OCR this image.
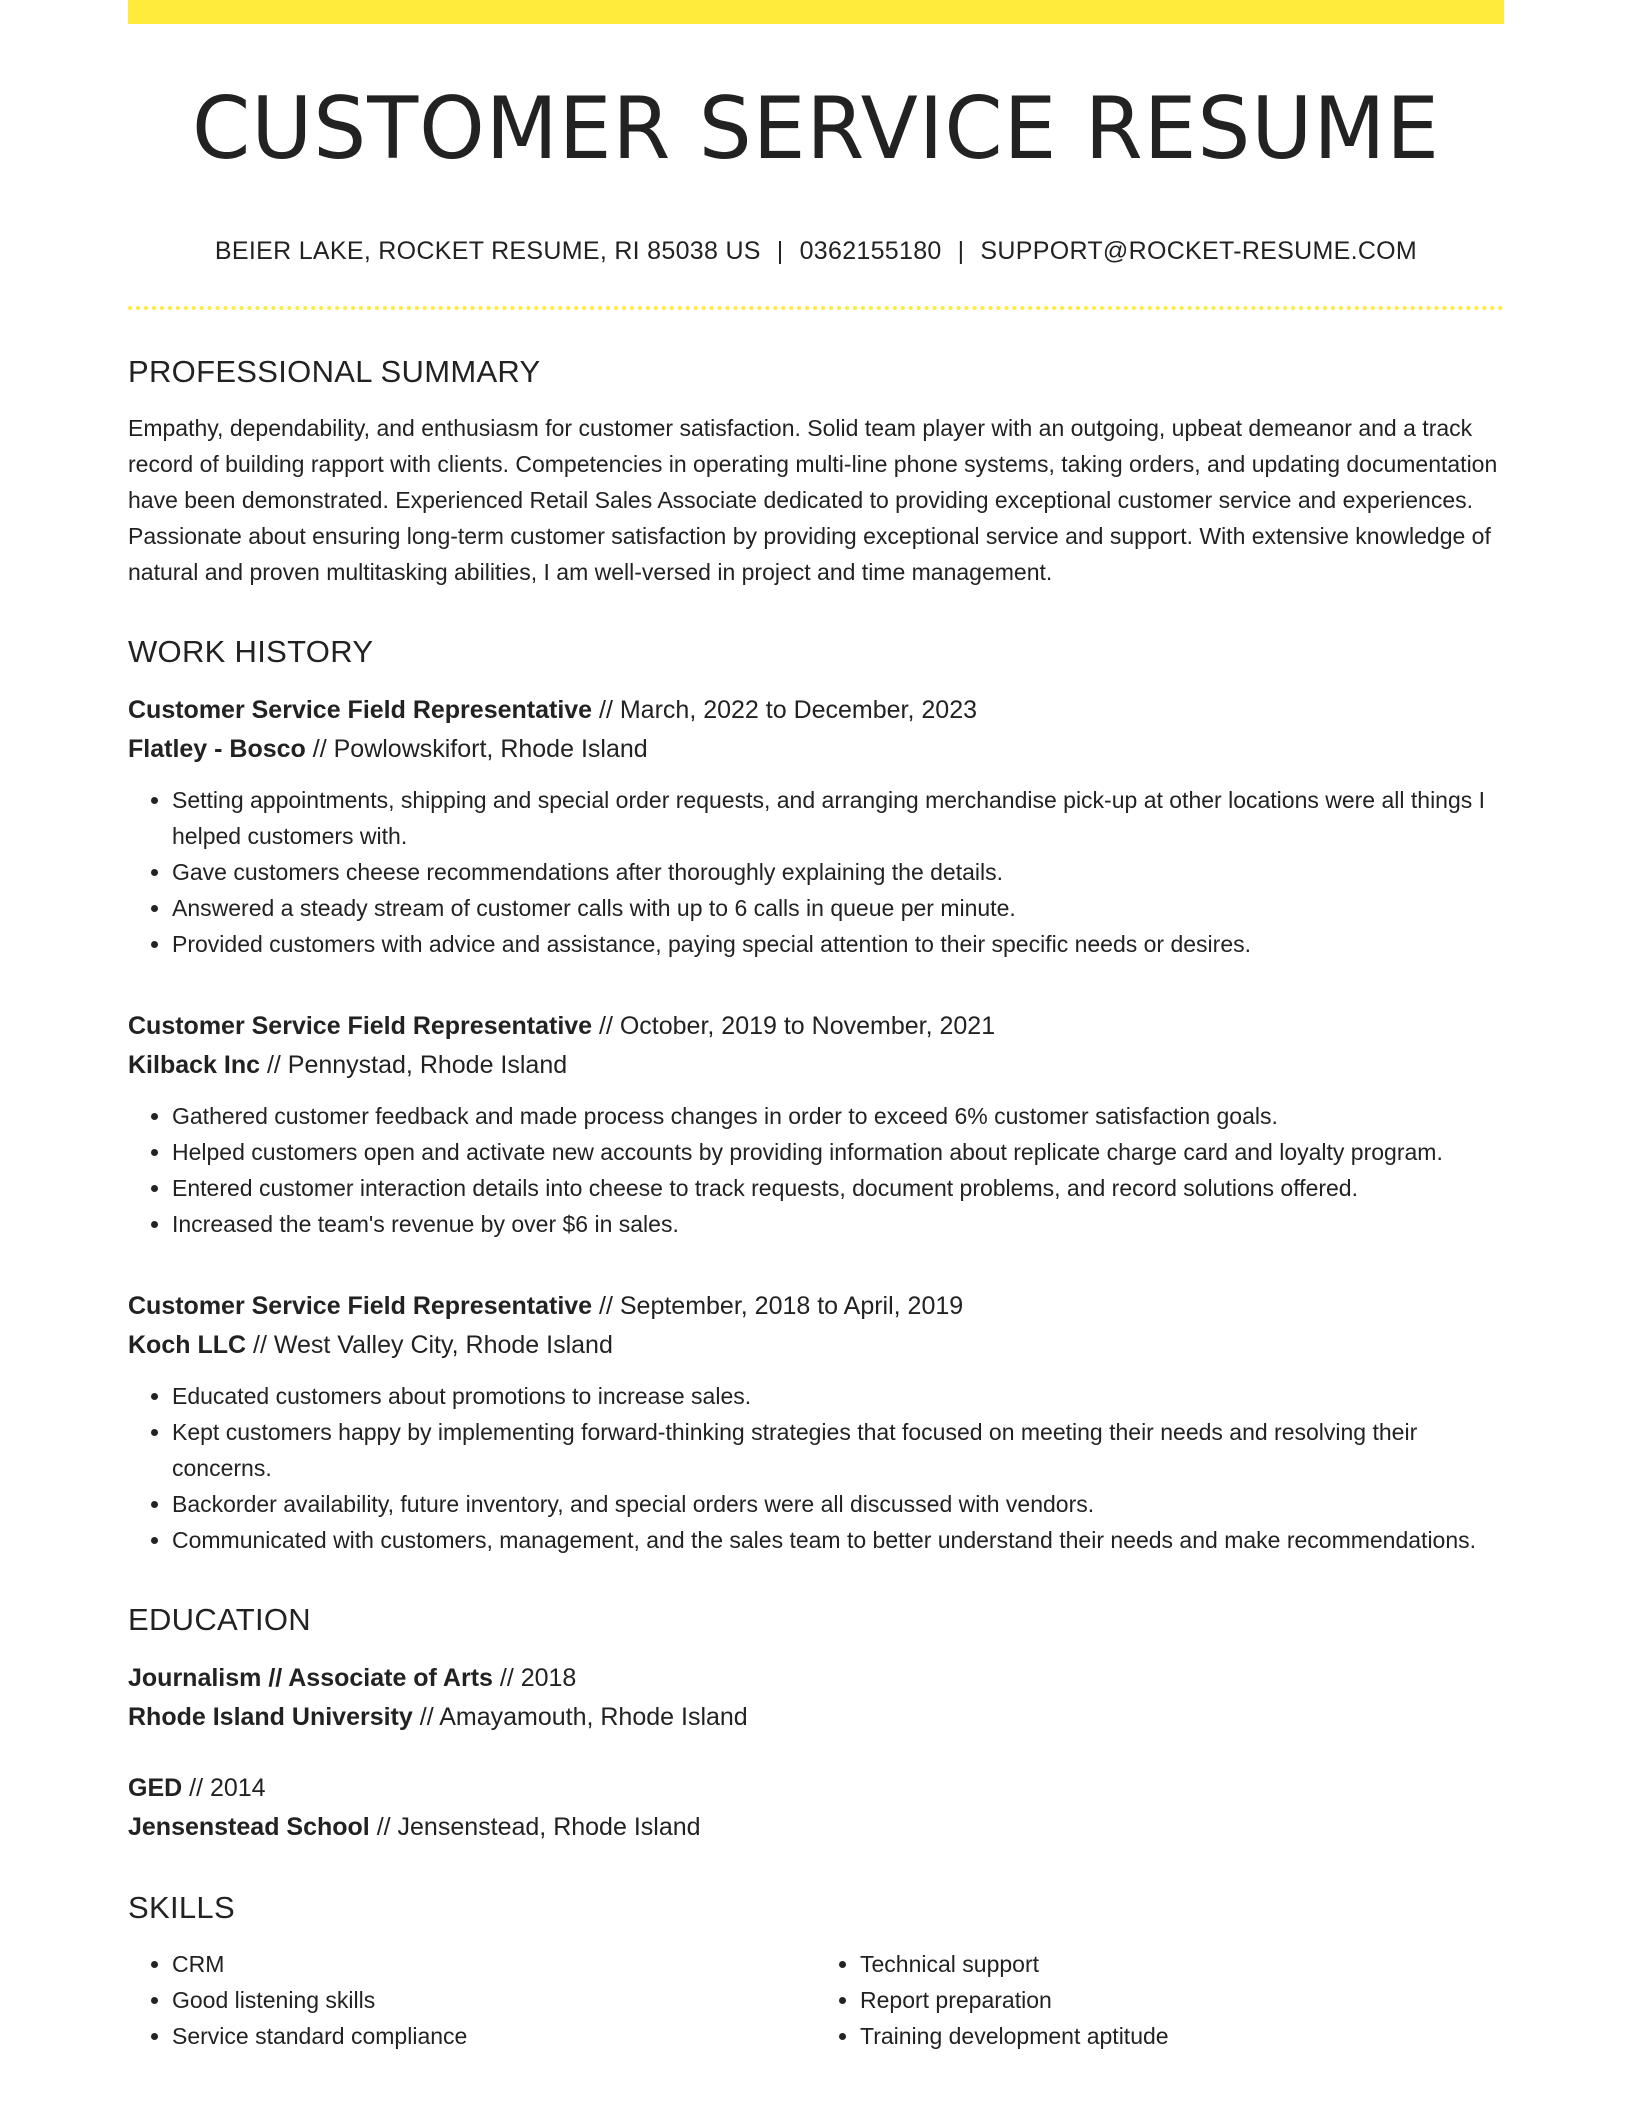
CUSTOMER SERVICE RESUME
BEIER LAKE, ROCKET RESUME, RI 85038 US | 0362155180 | SUPPORT@ROCKET-RESUME.COM
PROFESSIONAL SUMMARY

Empathy, dependability, and enthusiasm for customer satisfaction. Solid team player with an outgoing, upbeat demeanor and a track record of building rapport with clients. Competencies in operating multi-line phone systems, taking orders, and updating documentation have been demonstrated. Experienced Retail Sales Associate dedicated to providing exceptional customer service and experiences. Passionate about ensuring long-term customer satisfaction by providing exceptional service and support. With extensive knowledge of natural and proven multitasking abilities, I am well-versed in project and time management.

WORK HISTORY
Customer Service Field Representative // March, 2022 to December, 2023
Flatley - Bosco // Powlowskifort, Rhode Island
• Setting appointments, shipping and special order requests, and arranging merchandise pick-up at other locations were all things I helped customers with.
• Gave customers cheese recommendations after thoroughly explaining the details.
• Answered a steady stream of customer calls with up to 6 calls in queue per minute.
• Provided customers with advice and assistance, paying special attention to their specific needs or desires.
Customer Service Field Representative // October, 2019 to November, 2021
Kilback Inc // Pennystad, Rhode Island
• Gathered customer feedback and made process changes in order to exceed 6% customer satisfaction goals.
• Helped customers open and activate new accounts by providing information about replicate charge card and loyalty program.
• Entered customer interaction details into cheese to track requests, document problems, and record solutions offered.
• Increased the team's revenue by over $6 in sales.
Customer Service Field Representative // September, 2018 to April, 2019
Koch LLC // West Valley City, Rhode Island
• Educated customers about promotions to increase sales.
• Kept customers happy by implementing forward-thinking strategies that focused on meeting their needs and resolving their concerns.
• Backorder availability, future inventory, and special orders were all discussed with vendors.
• Communicated with customers, management, and the sales team to better understand their needs and make recommendations.
EDUCATION
Journalism // Associate of Arts // 2018
Rhode Island University // Amayamouth, Rhode Island
GED // 2014
Jensenstead School // Jensenstead, Rhode Island
SKILLS
• CRM
• Good listening skills
• Service standard compliance
• Technical support
• Report preparation
• Training development aptitude
